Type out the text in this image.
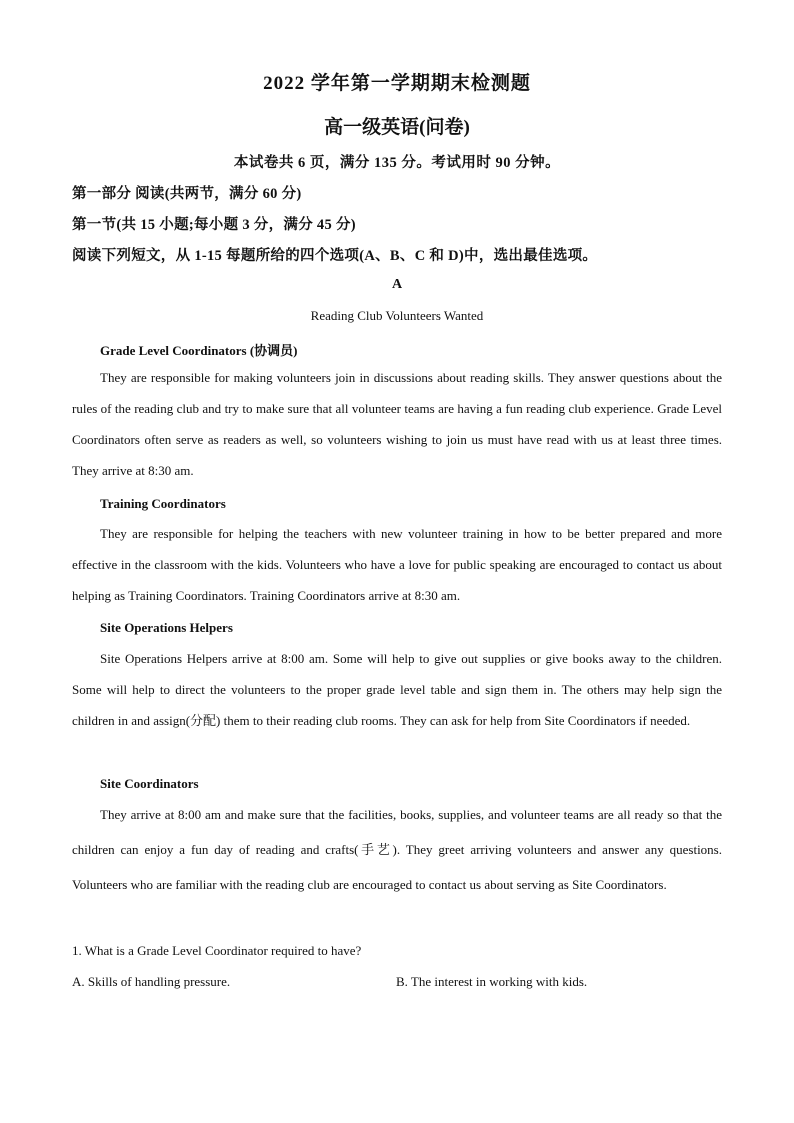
2022 学年第一学期期末检测题
高一级英语(问卷)
本试卷共 6 页，满分 135 分。考试用时 90 分钟。
第一部分 阅读(共两节，满分 60 分)
第一节(共 15 小题;每小题 3 分，满分 45 分)
阅读下列短文，从 1-15 每题所给的四个选项(A、B、C 和 D)中，选出最佳选项。
A
Reading Club Volunteers Wanted
Grade Level Coordinators (协调员)

They are responsible for making volunteers join in discussions about reading skills. They answer questions about the rules of the reading club and try to make sure that all volunteer teams are having a fun reading club experience. Grade Level Coordinators often serve as readers as well, so volunteers wishing to join us must have read with us at least three times. They arrive at 8:30 am.

Training Coordinators

They are responsible for helping the teachers with new volunteer training in how to be better prepared and more effective in the classroom with the kids. Volunteers who have a love for public speaking are encouraged to contact us about helping as Training Coordinators. Training Coordinators arrive at 8:30 am.

Site Operations Helpers

Site Operations Helpers arrive at 8:00 am. Some will help to give out supplies or give books away to the children. Some will help to direct the volunteers to the proper grade level table and sign them in. The others may help sign the children in and assign(分配) them to their reading club rooms. They can ask for help from Site Coordinators if needed.

Site Coordinators

They arrive at 8:00 am and make sure that the facilities, books, supplies, and volunteer teams are all ready so that the children can enjoy a fun day of reading and crafts(手艺). They greet arriving volunteers and answer any questions. Volunteers who are familiar with the reading club are encouraged to contact us about serving as Site Coordinators.

1. What is a Grade Level Coordinator required to have?
A. Skills of handling pressure.	B. The interest in working with kids.
